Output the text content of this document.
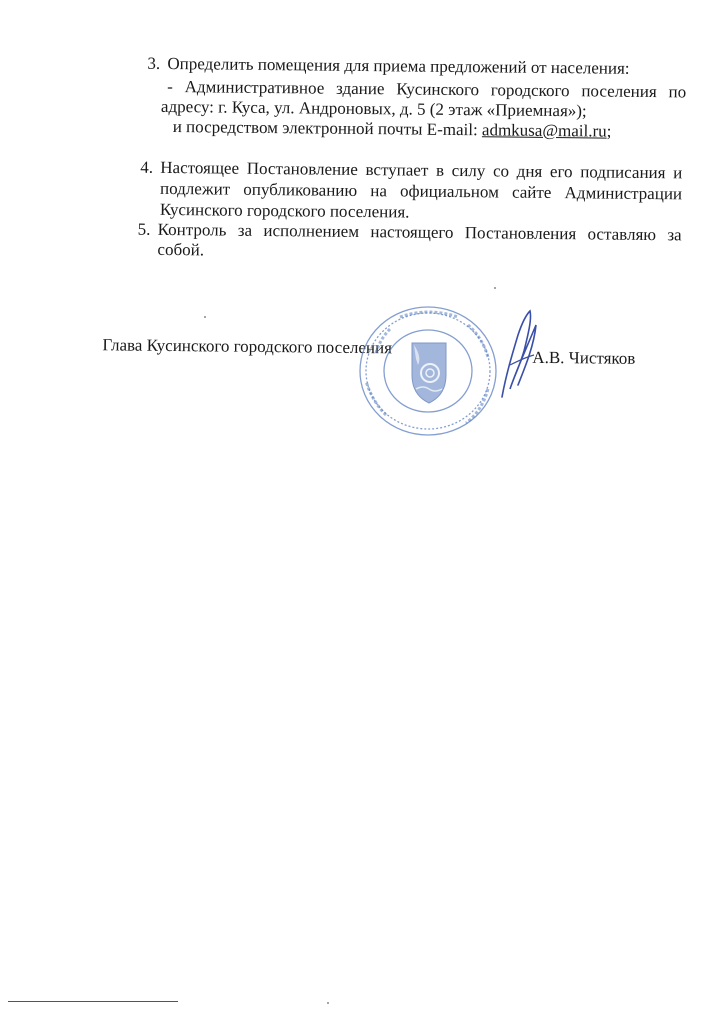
3. Определить помещения для приема предложений от населения:
- Административное здание Кусинского городского поселения по
адресу: г. Куса, ул. Андроновых, д. 5 (2 этаж «Приемная»);
и посредством электронной почты E-mail: admkusa@mail.ru;
4. Настоящее Постановление вступает в силу со дня его подписания и
подлежит опубликованию на официальном сайте Администрации
Кусинского городского поселения.
5. Контроль за исполнением настоящего Постановления оставляю за
собой.
Глава Кусинского городского поселения
А.В. Чистяков
